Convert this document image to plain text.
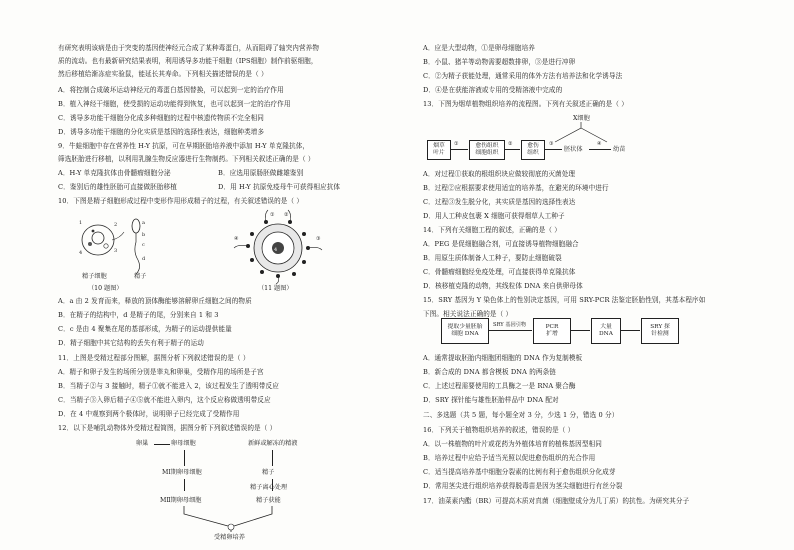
有研究表明该病是由于突变的基因使神经元合成了某种毒蛋白，从而阻碍了轴突内营养物
质的流动。也有最新研究结果表明，利用诱导多功能干细胞（IPS细胞）制作前驱细胞，
然后移植给渐冻症实验鼠，能延长其寿命。下列相关描述错误的是（ ）
A．将控制合成破坏运动神经元的毒蛋白基因替换，可以起到一定的治疗作用
B．植入神经干细胞，使受损的运动功能得到恢复，也可以起到一定的治疗作用
C．诱导多功能干细胞分化成多种细胞的过程中核遗传物质不完全相同
D．诱导多功能干细胞的分化实质是基因的选择性表达，细胞种类增多
9．牛蛙细胞中存在营养性 H-Y 抗原，可在早期胚胎培养液中添加 H-Y 单克隆抗体，
筛选胚胎进行移植，以利用乳腺生物反应器进行生物制药。下列相关叙述正确的是（ ）
A．H-Y 单克隆抗体由骨髓瘤细胞分泌	B．应选用原肠胚做雌雄鉴别
C．鉴别后的雄性胚胎可直接做胚胎移植	D．用 H-Y 抗原免疫母牛可获得相应抗体
10．下图是精子细胞形成过程中变形作用形成精子的过程，有关叙述错误的是（ ）
1	2
3
4
a
b
c
d
精子细胞	精子
（10 题图）
① ②
③
④
4
（11 题图）
A．a 由 2 发育而来，释放的顶体酶能够溶解卵丘细胞之间的物质
B．在精子的结构中，d 是精子的尾，分别来自 1 和 3
C．c 是由 4 聚集在尾的基部形成，为精子的运动提供能量
D．精子细胞中其它结构的丢失有利于精子的运动
11．上图是受精过程部分图解，据图分析下列叙述错误的是（ ）
A．精子和卵子发生的场所分别是睾丸和卵巢，受精作用的场所是子宫
B．当精子②与 3 接触时，精子①就不能进入 2，该过程发生了透明带反应
C．当精子③入卵后精子④⑤就不能进入卵内，这个反应称做透明带反应
D．在 4 中观察到两个极体时，说明卵子已经完成了受精作用
12．以下是哺乳动物体外受精过程简图，据图分析下列叙述错误的是（ ）
卵巢	卵母细胞	新鲜或解冻的精液
MⅠ期卵母细胞	精子
精子离心处理
MⅡ期卵母细胞	精子获能
受精卵培养
A．应是大型动物，①是卵母细胞培养
B．小鼠、猪羊等动物需要超数排卵，③是进行冲卵
C．②为精子获能处理，通常采用的体外方法有培养法和化学诱导法
D．④是在获能溶液或专用的受精溶液中完成的
13．下图为烟草植物组织培养的流程图。下列有关叙述正确的是（ ）
X细胞
烟草
叶片
①	愈伤组织
细胞组织
②	愈伤
组织
③
胚状体
④
幼苗
A．对过程①获取的根组织块应做较彻底的灭菌处理
B．过程②应根据要求使用适宜的培养基，在避光的环境中进行
C．过程③发生脱分化，其实质是基因的选择性表达
D．用人工种皮包裹 X 细胞可获得烟草人工种子
14．下列有关细胞工程的叙述，正确的是（ ）
A．PEG 是促细胞融合剂，可直接诱导植物细胞融合
B．用原生质体制备人工种子，要防止细胞破裂
C．骨髓瘤细胞经免疫处理，可直接获得单克隆抗体
D．核移植克隆的动物，其线粒体 DNA 来自供卵母体
15．SRY 基因为 Y 染色体上的性别决定基因，可用 SRY-PCR 法鉴定胚胎性别，其基本程序如
下图。相关说法正确的是（ ）
提取少量胚胎
细胞 DNA
SRY 基因引物	PCR
扩增
大量
DNA
SRY 探
针检测
A．通常提取胚胎内细胞团细胞的 DNA 作为复制模板
B．新合成的 DNA 都含模板 DNA 的两条链
C．上述过程需要使用的工具酶之一是 RNA 聚合酶
D．SRY 探针能与雄性胚胎样品中 DNA 配对
二、多选题（共 5 题，每小题全对 3 分，少选 1 分，错选 0 分）
16．下列关于植物组织培养的叙述，错误的是（ ）
A．以一株植物的叶片或花药为外植体培育的植株基因型相同
B．培养过程中应给予适当光照以促进愈伤组织的光合作用
C．适当提高培养基中细胞分裂素的比例有利于愈伤组织分化成芽
D．常用茎尖进行组织培养获得脱毒苗是因为茎尖细胞进行有丝分裂
17．油菜素内酯（BR）可提高木质对真菌（细胞壁成分为几丁质）的抗性。为研究其分子
